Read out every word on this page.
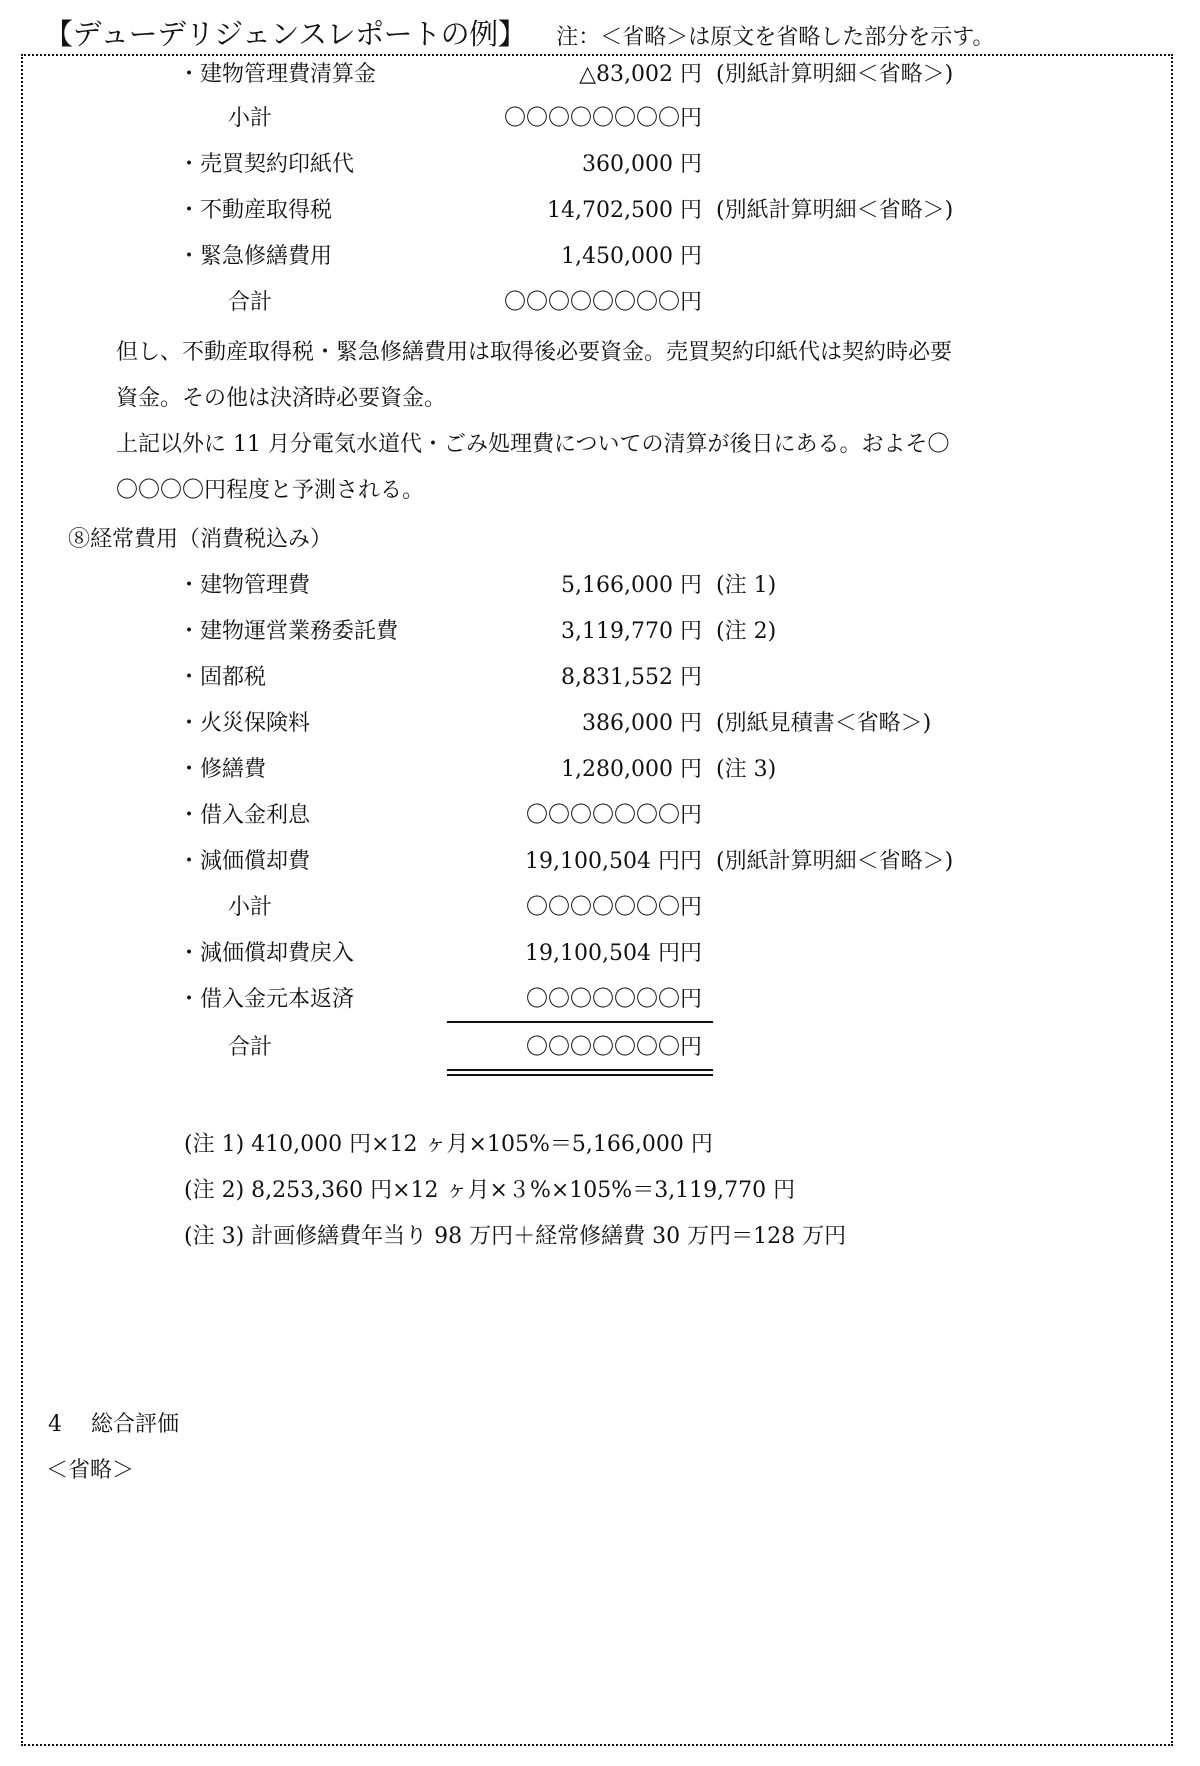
【デューデリジェンスレポートの例】 注：＜省略＞は原文を省略した部分を示す。
・建物管理費清算金	△83,002 円 (別紙計算明細＜省略＞)
小計	〇〇〇〇〇〇〇〇円
・売買契約印紙代	360,000 円
・不動産取得税	14,702,500 円 (別紙計算明細＜省略＞)
・緊急修繕費用	1,450,000 円
合計	〇〇〇〇〇〇〇〇円
但し、不動産取得税・緊急修繕費用は取得後必要資金。売買契約印紙代は契約時必要
資金。その他は決済時必要資金。
上記以外に 11 月分電気水道代・ごみ処理費についての清算が後日にある。およそ〇
〇〇〇〇円程度と予測される。
⑧経常費用（消費税込み）
・建物管理費	5,166,000 円 (注 1)
・建物運営業務委託費	3,119,770 円 (注 2)
・固都税	8,831,552 円
・火災保険料	386,000 円 (別紙見積書＜省略＞)
・修繕費	1,280,000 円 (注 3)
・借入金利息	〇〇〇〇〇〇〇円
・減価償却費	19,100,504 円円 (別紙計算明細＜省略＞)
小計	〇〇〇〇〇〇〇円
・減価償却費戻入	19,100,504 円円
・借入金元本返済	〇〇〇〇〇〇〇円
合計	〇〇〇〇〇〇〇円
(注 1) 410,000 円×12 ヶ月×105%＝5,166,000 円
(注 2) 8,253,360 円×12 ヶ月×３%×105%＝3,119,770 円
(注 3) 計画修繕費年当り 98 万円＋経常修繕費 30 万円＝128 万円
4　 総合評価
＜省略＞
